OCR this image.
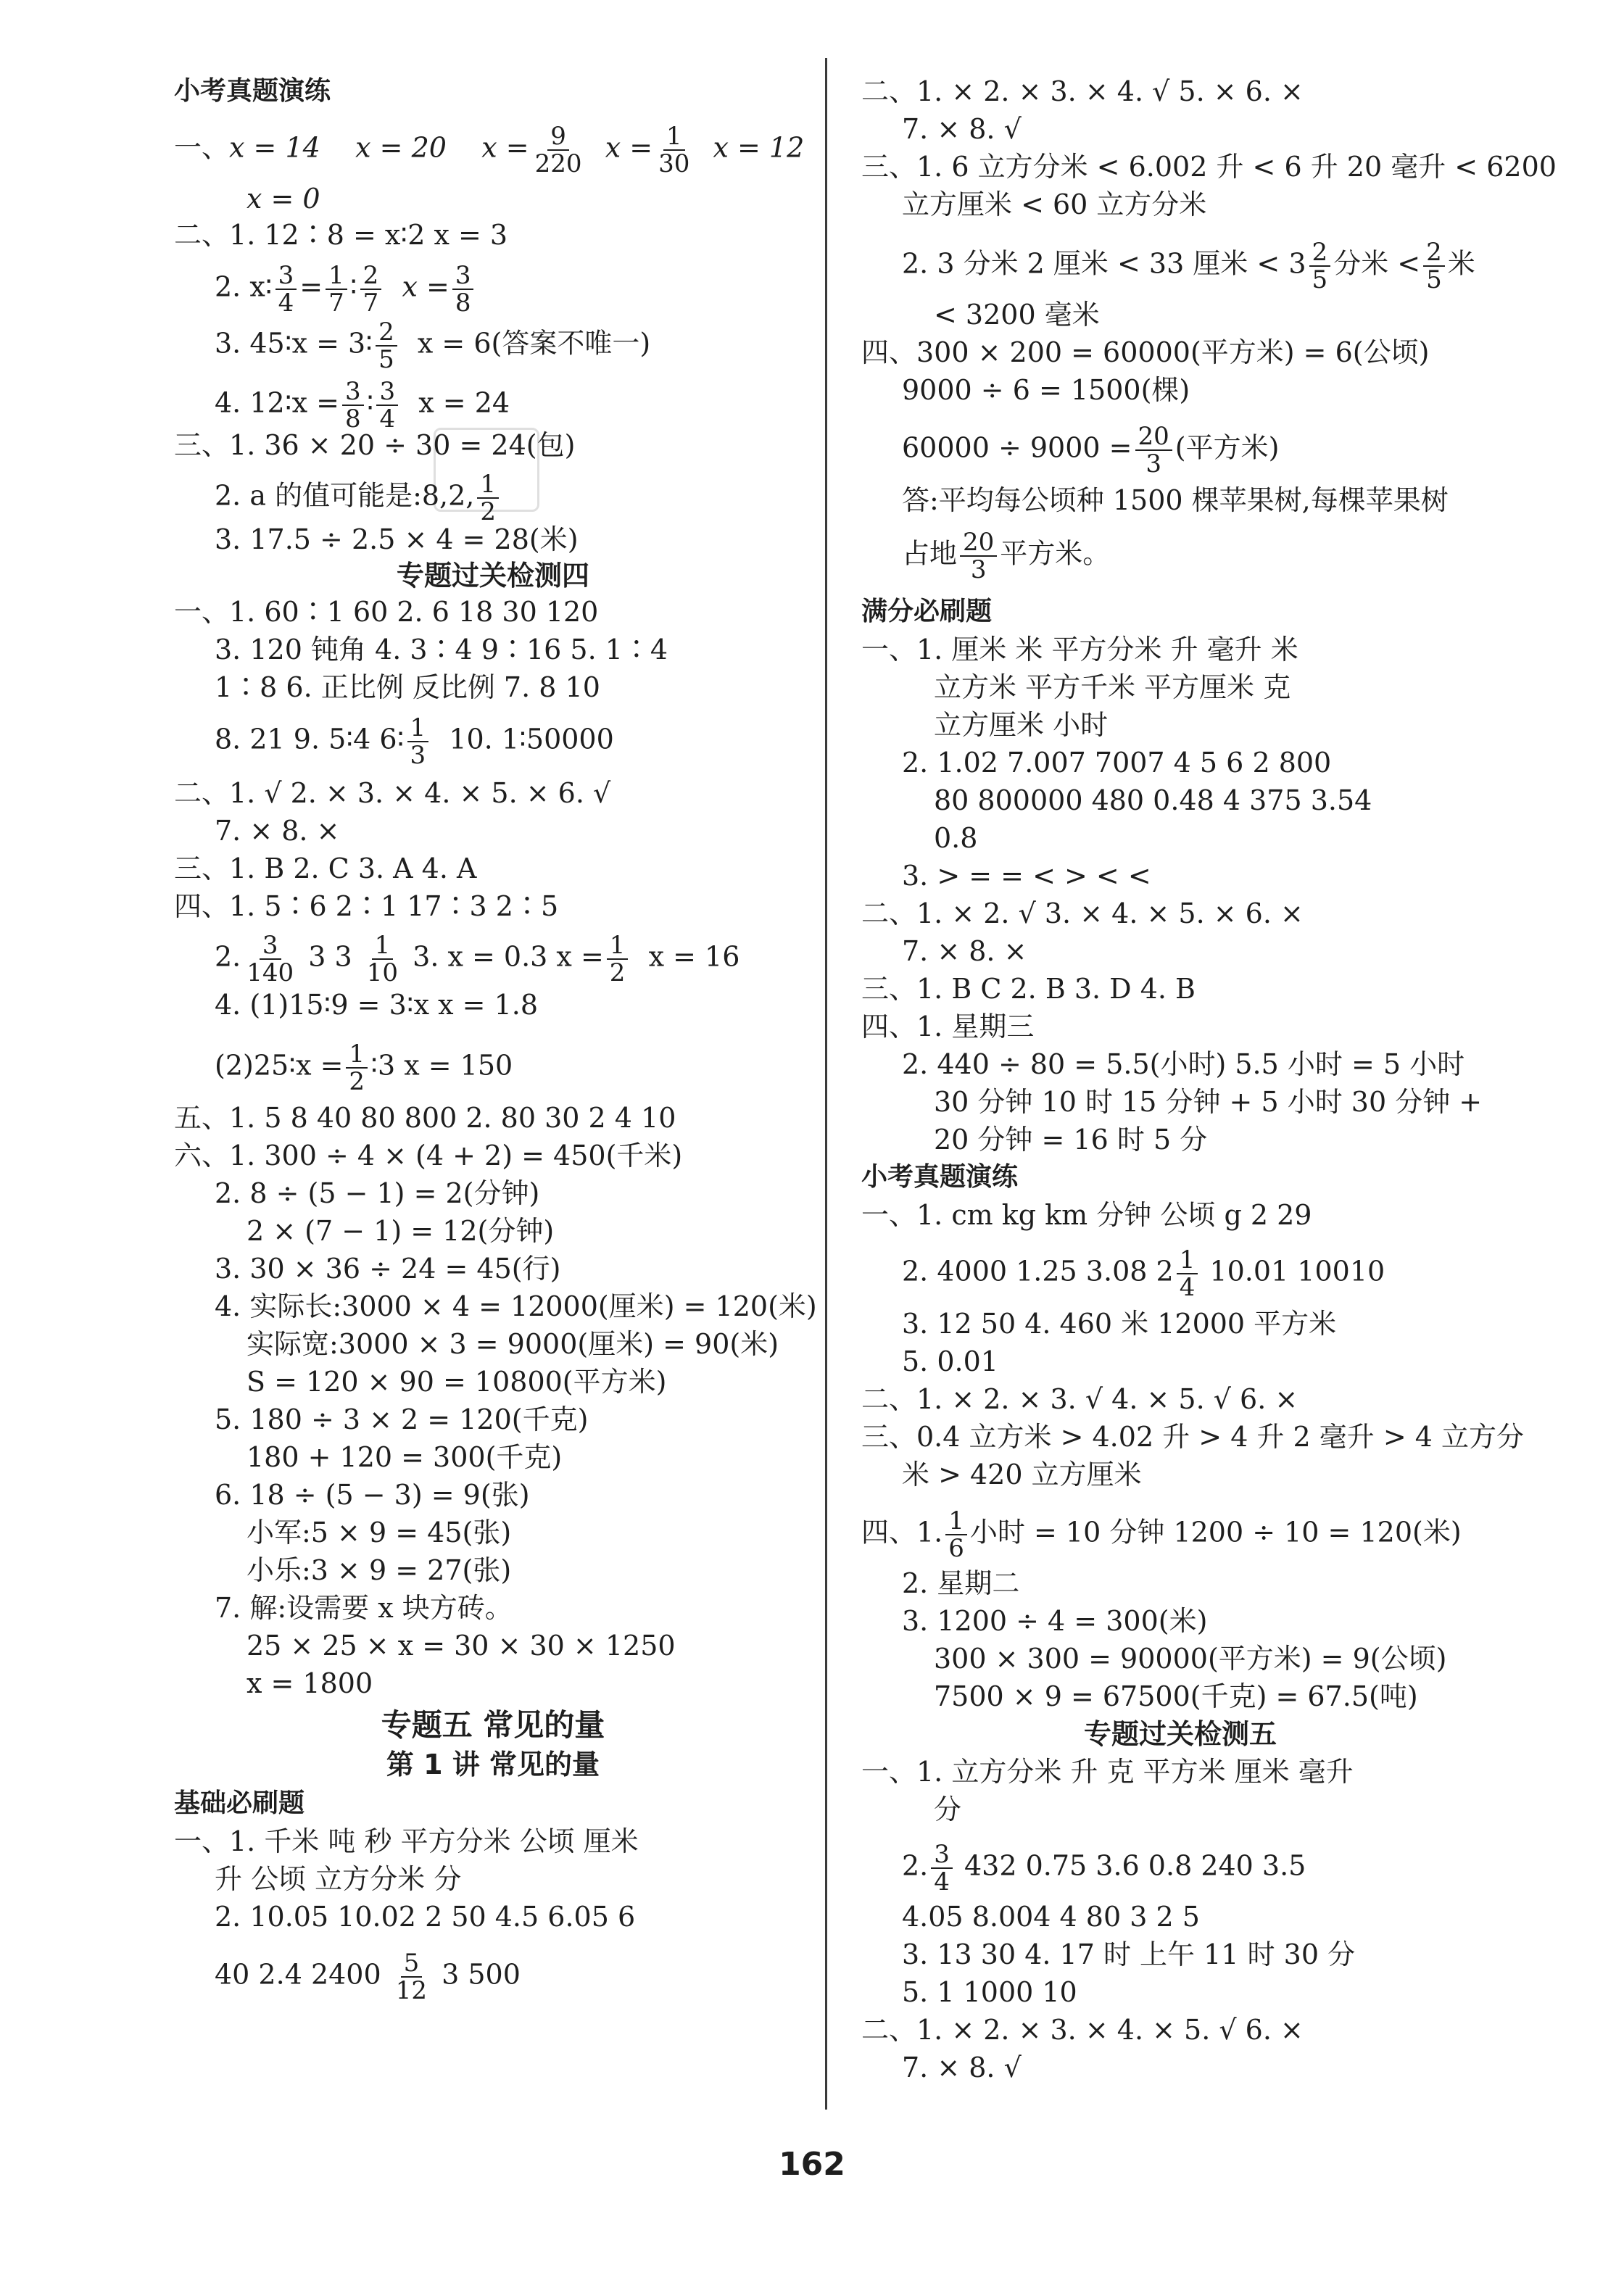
小考真题演练
一、x = 14 x = 20 $x = \frac{9}{220}$ $x = \frac{1}{30}$ x = 12
x = 0
二、1. 12∶8 = x∶2 x = 3
2. x∶ $\frac{3}{4} = \frac{1}{7}$ ∶ $\frac{2}{7}$ $x = \frac{3}{8}$
3. 45∶x = 3∶ $\frac{2}{5}$ x = 6(答案不唯一)
4. 12∶x = $\frac{3}{8}$ ∶ $\frac{3}{4}$ x = 24
三、1. 36 × 20 ÷ 30 = 24(包)
2. a 的值可能是:8,2, $\frac{1}{2}$
3. 17.5 ÷ 2.5 × 4 = 28(米)
专题过关检测四
一、1. 60∶1 60 2. 6 18 30 120
3. 120 钝角 4. 3∶4 9∶16 5. 1∶4
1∶8 6. 正比例 反比例 7. 8 10
8. 21 9. 5∶4 6∶ $\frac{1}{3} 10$. 1∶50000
二、1. √ 2. × 3. × 4. × 5. × 6. √
7. × 8. ×
三、1. B 2. C 3. A 4. A
四、1. 5∶6 2∶1 17∶3 2∶5
2. $\frac{3}{140} 3$ $3 \frac{1}{10} 3$. x = 0.3 $x = \frac{1}{2}$ x = 16
4. (1)15∶9 = 3∶x x = 1.8
(2)25∶x = $\frac{1}{2}$ ∶3 x = 150
五、1. 5 8 40 80 800 2. 80 30 2 4 10
六、1. 300 ÷ 4 × (4 + 2) = 450(千米)
2. 8 ÷ (5 − 1) = 2(分钟)
2 × (7 − 1) = 12(分钟)
3. 30 × 36 ÷ 24 = 45(行)
4. 实际长:3000 × 4 = 12000(厘米) = 120(米)
实际宽:3000 × 3 = 9000(厘米) = 90(米)
S = 120 × 90 = 10800(平方米)
5. 180 ÷ 3 × 2 = 120(千克)
180 + 120 = 300(千克)
6. 18 ÷ (5 − 3) = 9(张)
小军:5 × 9 = 45(张)
小乐:3 × 9 = 27(张)
7. 解:设需要 x 块方砖。
25 × 25 × x = 30 × 30 × 1250
x = 1800
专题五 常见的量
第 1 讲 常见的量
基础必刷题
一、1. 千米 吨 秒 平方分米 公顷 厘米
升 公顷 立方分米 分
2. 10.05 10.02 2 50 4.5 6.05 6
40 2.4 $2400 \frac{5}{12} 3$ 500
二、1. × 2. × 3. × 4. √ 5. × 6. ×
7. × 8. √
三、1. 6 立方分米 < 6.002 升 < 6 升 20 毫升 < 6200
立方厘米 < 60 立方分米
2. 3 分米 2 厘米 < 33 厘米 < $3 \frac{2}{5}$ 分米 < $\frac{2}{5}$ 米
< 3200 毫米
四、300 × 200 = 60000(平方米) = 6(公顷)
9000 ÷ 6 = 1500(棵)
$60000 \div 9000 = \frac{20}{3}$ (平方米)
答:平均每公顷种 1500 棵苹果树,每棵苹果树
占地 $\frac{20}{3}$ 平方米。
满分必刷题
一、1. 厘米 米 平方分米 升 毫升 米
立方米 平方千米 平方厘米 克
立方厘米 小时
2. 1.02 7.007 7007 4 5 6 2 800
80 800000 480 0.48 4 375 3.54
0.8
3. > = = < > < <
二、1. × 2. √ 3. × 4. × 5. × 6. ×
7. × 8. ×
三、1. B C 2. B 3. D 4. B
四、1. 星期三
2. 440 ÷ 80 = 5.5(小时) 5.5 小时 = 5 小时
30 分钟 10 时 15 分钟 + 5 小时 30 分钟 +
20 分钟 = 16 时 5 分
小考真题演练
一、1. cm kg km 分钟 公顷 g 2 29
2. 4000 1.25 3.08 $2 \frac{1}{4} 10.01$ 10010
3. 12 50 4. 460 米 12000 平方米
5. 0.01
二、1. × 2. × 3. √ 4. × 5. √ 6. ×
三、0.4 立方米 > 4.02 升 > 4 升 2 毫升 > 4 立方分
米 > 420 立方厘米
四、1. $\frac{1}{6}$ 小时 = 10 分钟 1200 ÷ 10 = 120(米)
2. 星期二
3. 1200 ÷ 4 = 300(米)
300 × 300 = 90000(平方米) = 9(公顷)
7500 × 9 = 67500(千克) = 67.5(吨)
专题过关检测五
一、1. 立方分米 升 克 平方米 厘米 毫升
分
2. $\frac{3}{4} 432$ 0.75 3.6 0.8 240 3.5
4.05 8.004 4 80 3 2 5
3. 13 30 4. 17 时 上午 11 时 30 分
5. 1 1000 10
二、1. × 2. × 3. × 4. × 5. √ 6. ×
7. × 8. √
162
